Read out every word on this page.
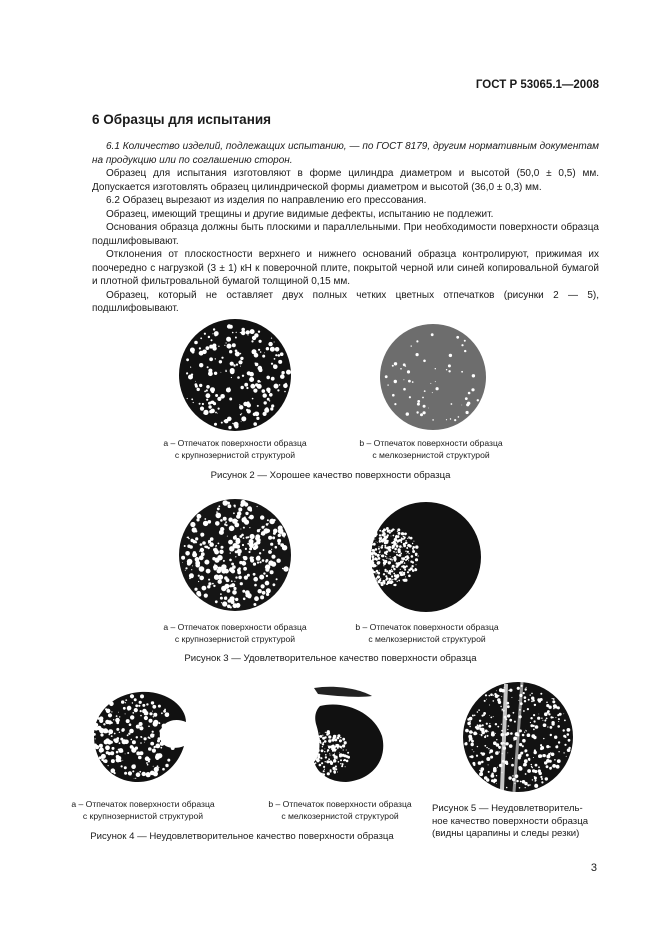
ГОСТ Р 53065.1—2008
6 Образцы для испытания

6.1 Количество изделий, подлежащих испытанию, — по ГОСТ 8179, другим нормативным документам на продукцию или по соглашению сторон.

Образец для испытания изготовляют в форме цилиндра диаметром и высотой (50,0 ± 0,5) мм. Допускается изготовлять образец цилиндрической формы диаметром и высотой (36,0 ± 0,3) мм.

6.2 Образец вырезают из изделия по направлению его прессования.

Образец, имеющий трещины и другие видимые дефекты, испытанию не подлежит.

Основания образца должны быть плоскими и параллельными. При необходимости поверхности образца подшлифовывают.

Отклонения от плоскостности верхнего и нижнего оснований образца контролируют, прижимая их поочередно с нагрузкой (3 ± 1) кН к поверочной плите, покрытой черной или синей копировальной бумагой и плотной фильтровальной бумагой толщиной 0,15 мм.

Образец, который не оставляет двух полных четких цветных отпечатков (рисунки 2 — 5), подшлифовывают.

а – Отпечаток поверхности образца
с крупнозернистой структурой
b – Отпечаток поверхности образца
с мелкозернистой структурой
Рисунок 2 — Хорошее качество поверхности образца
а – Отпечаток поверхности образца
с крупнозернистой структурой
b – Отпечаток поверхности образца
с мелкозернистой структурой
Рисунок 3 — Удовлетворительное качество поверхности образца
а – Отпечаток поверхности образца
с крупнозернистой структурой
b – Отпечаток поверхности образца
с мелкозернистой структурой
Рисунок 4 — Неудовлетворительное качество поверхности образца
Рисунок 5 — Неудовлетворитель-
ное качество поверхности образца
(видны царапины и следы резки)
3
